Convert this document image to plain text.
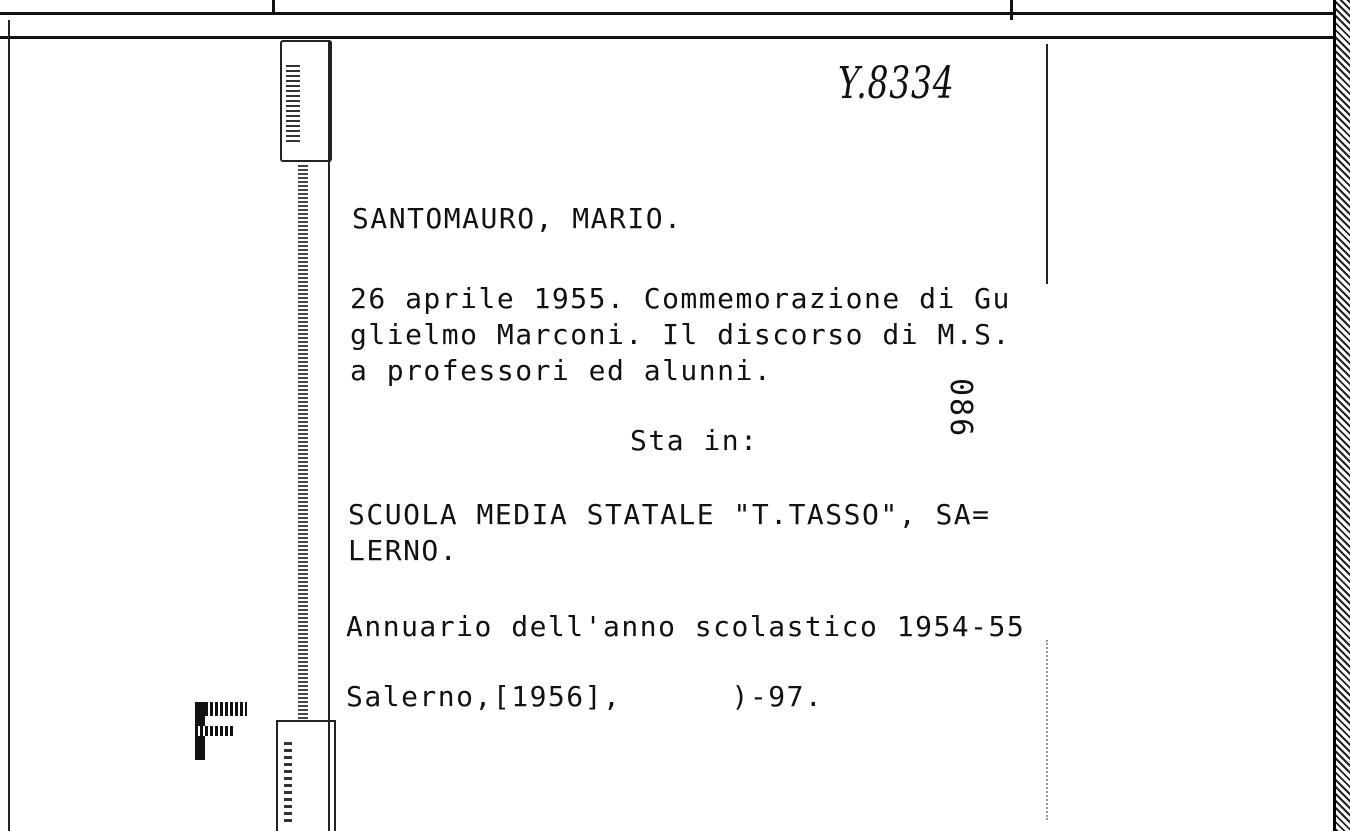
Y.8334
SANTOMAURO, MARIO.
26 aprile 1955. Commemorazione di Gu
glielmo Marconi. Il discorso di M.S.
a professori ed alunni.
Sta in:
SCUOLA MEDIA STATALE "T.TASSO", SA=
LERNO.
Annuario dell'anno scolastico 1954-55
Salerno,[1956],      )-97.
086
